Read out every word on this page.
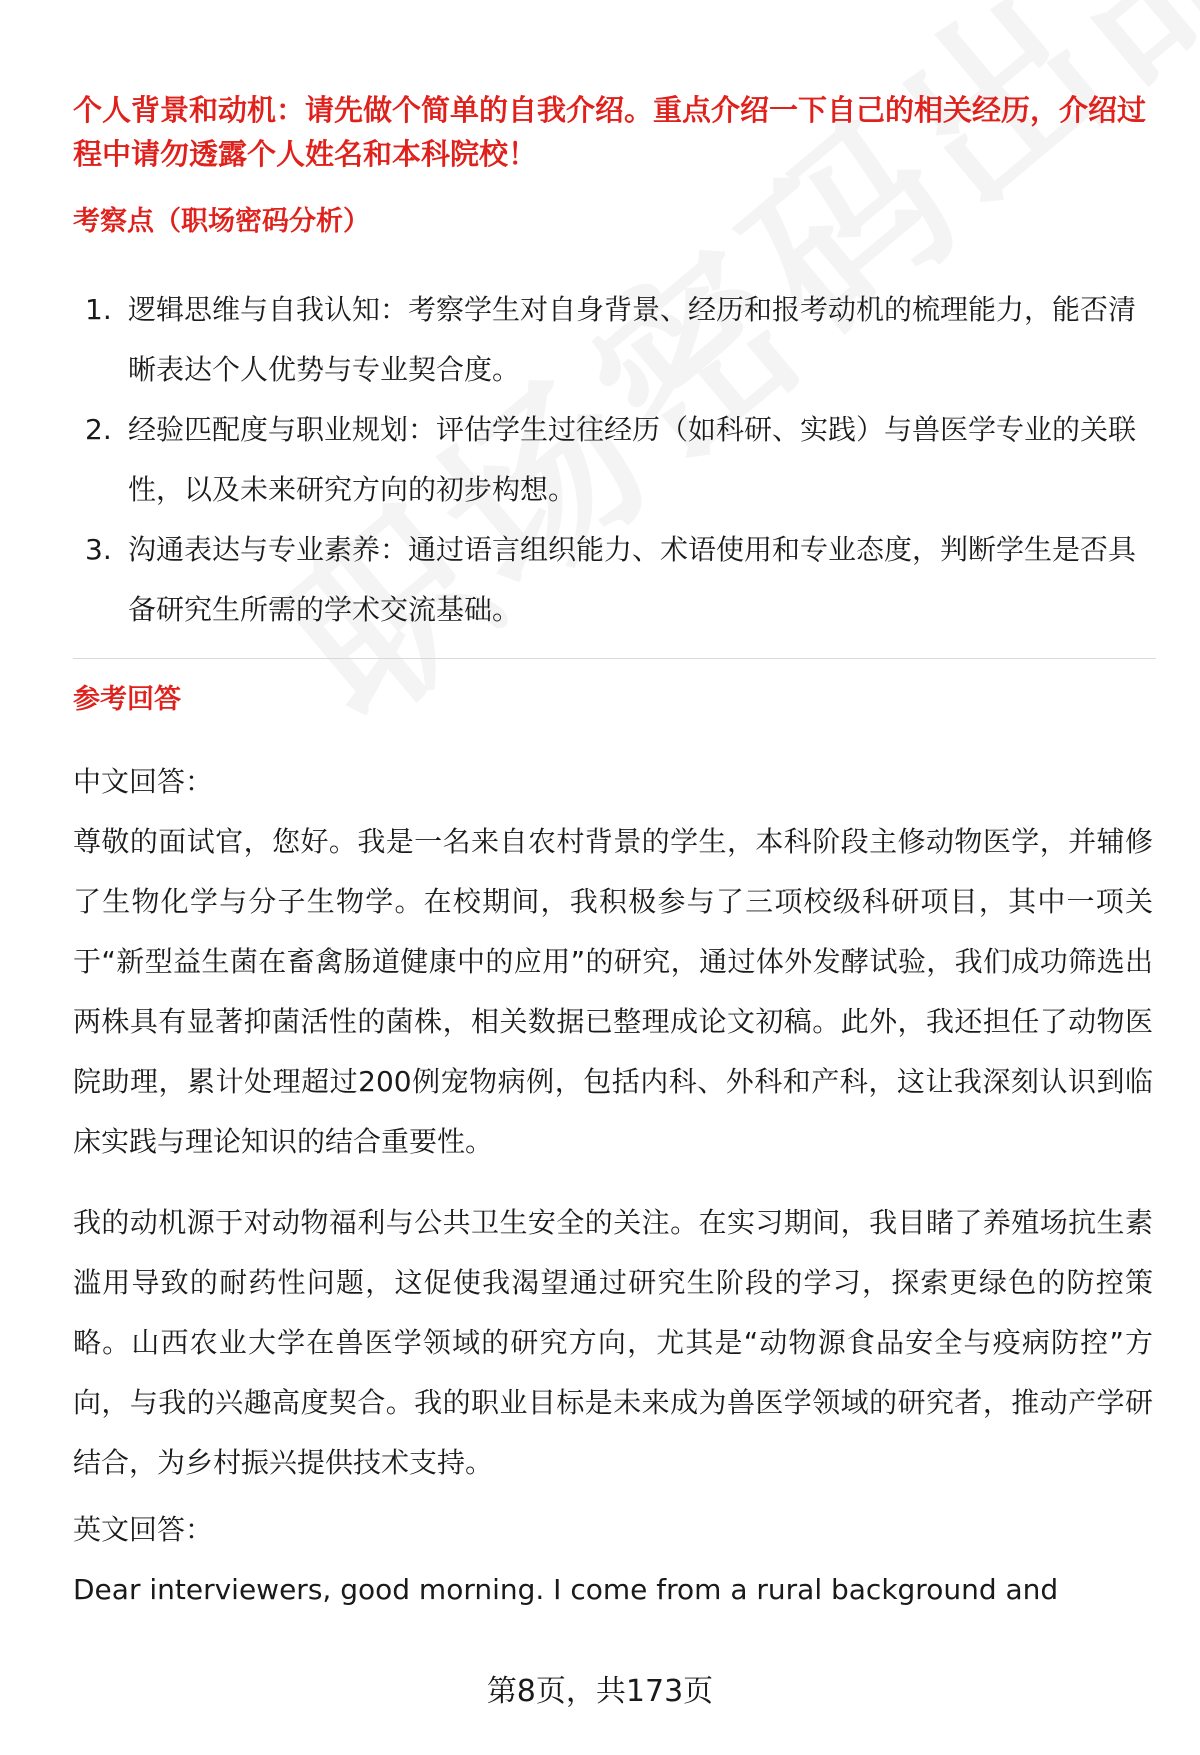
个人背景和动机：请先做个简单的自我介绍。重点介绍一下自己的相关经历，介绍过程中请勿透露个人姓名和本科院校！

考察点（职场密码分析）

1. 逻辑思维与自我认知：考察学生对自身背景、经历和报考动机的梳理能力，能否清晰表达个人优势与专业契合度。
2. 经验匹配度与职业规划：评估学生过往经历（如科研、实践）与兽医学专业的关联性，以及未来研究方向的初步构想。
3. 沟通表达与专业素养：通过语言组织能力、术语使用和专业态度，判断学生是否具备研究生所需的学术交流基础。

参考回答

中文回答：

尊敬的面试官，您好。我是一名来自农村背景的学生，本科阶段主修动物医学，并辅修了生物化学与分子生物学。在校期间，我积极参与了三项校级科研项目，其中一项关于“新型益生菌在畜禽肠道健康中的应用”的研究，通过体外发酵试验，我们成功筛选出两株具有显著抑菌活性的菌株，相关数据已整理成论文初稿。此外，我还担任了动物医院助理，累计处理超过200例宠物病例，包括内科、外科和产科，这让我深刻认识到临床实践与理论知识的结合重要性。

我的动机源于对动物福利与公共卫生安全的关注。在实习期间，我目睹了养殖场抗生素滥用导致的耐药性问题，这促使我渴望通过研究生阶段的学习，探索更绿色的防控策略。山西农业大学在兽医学领域的研究方向，尤其是“动物源食品安全与疫病防控”方向，与我的兴趣高度契合。我的职业目标是未来成为兽医学领域的研究者，推动产学研结合，为乡村振兴提供技术支持。

英文回答：

Dear interviewers, good morning. I come from a rural background and

第8页，共173页
